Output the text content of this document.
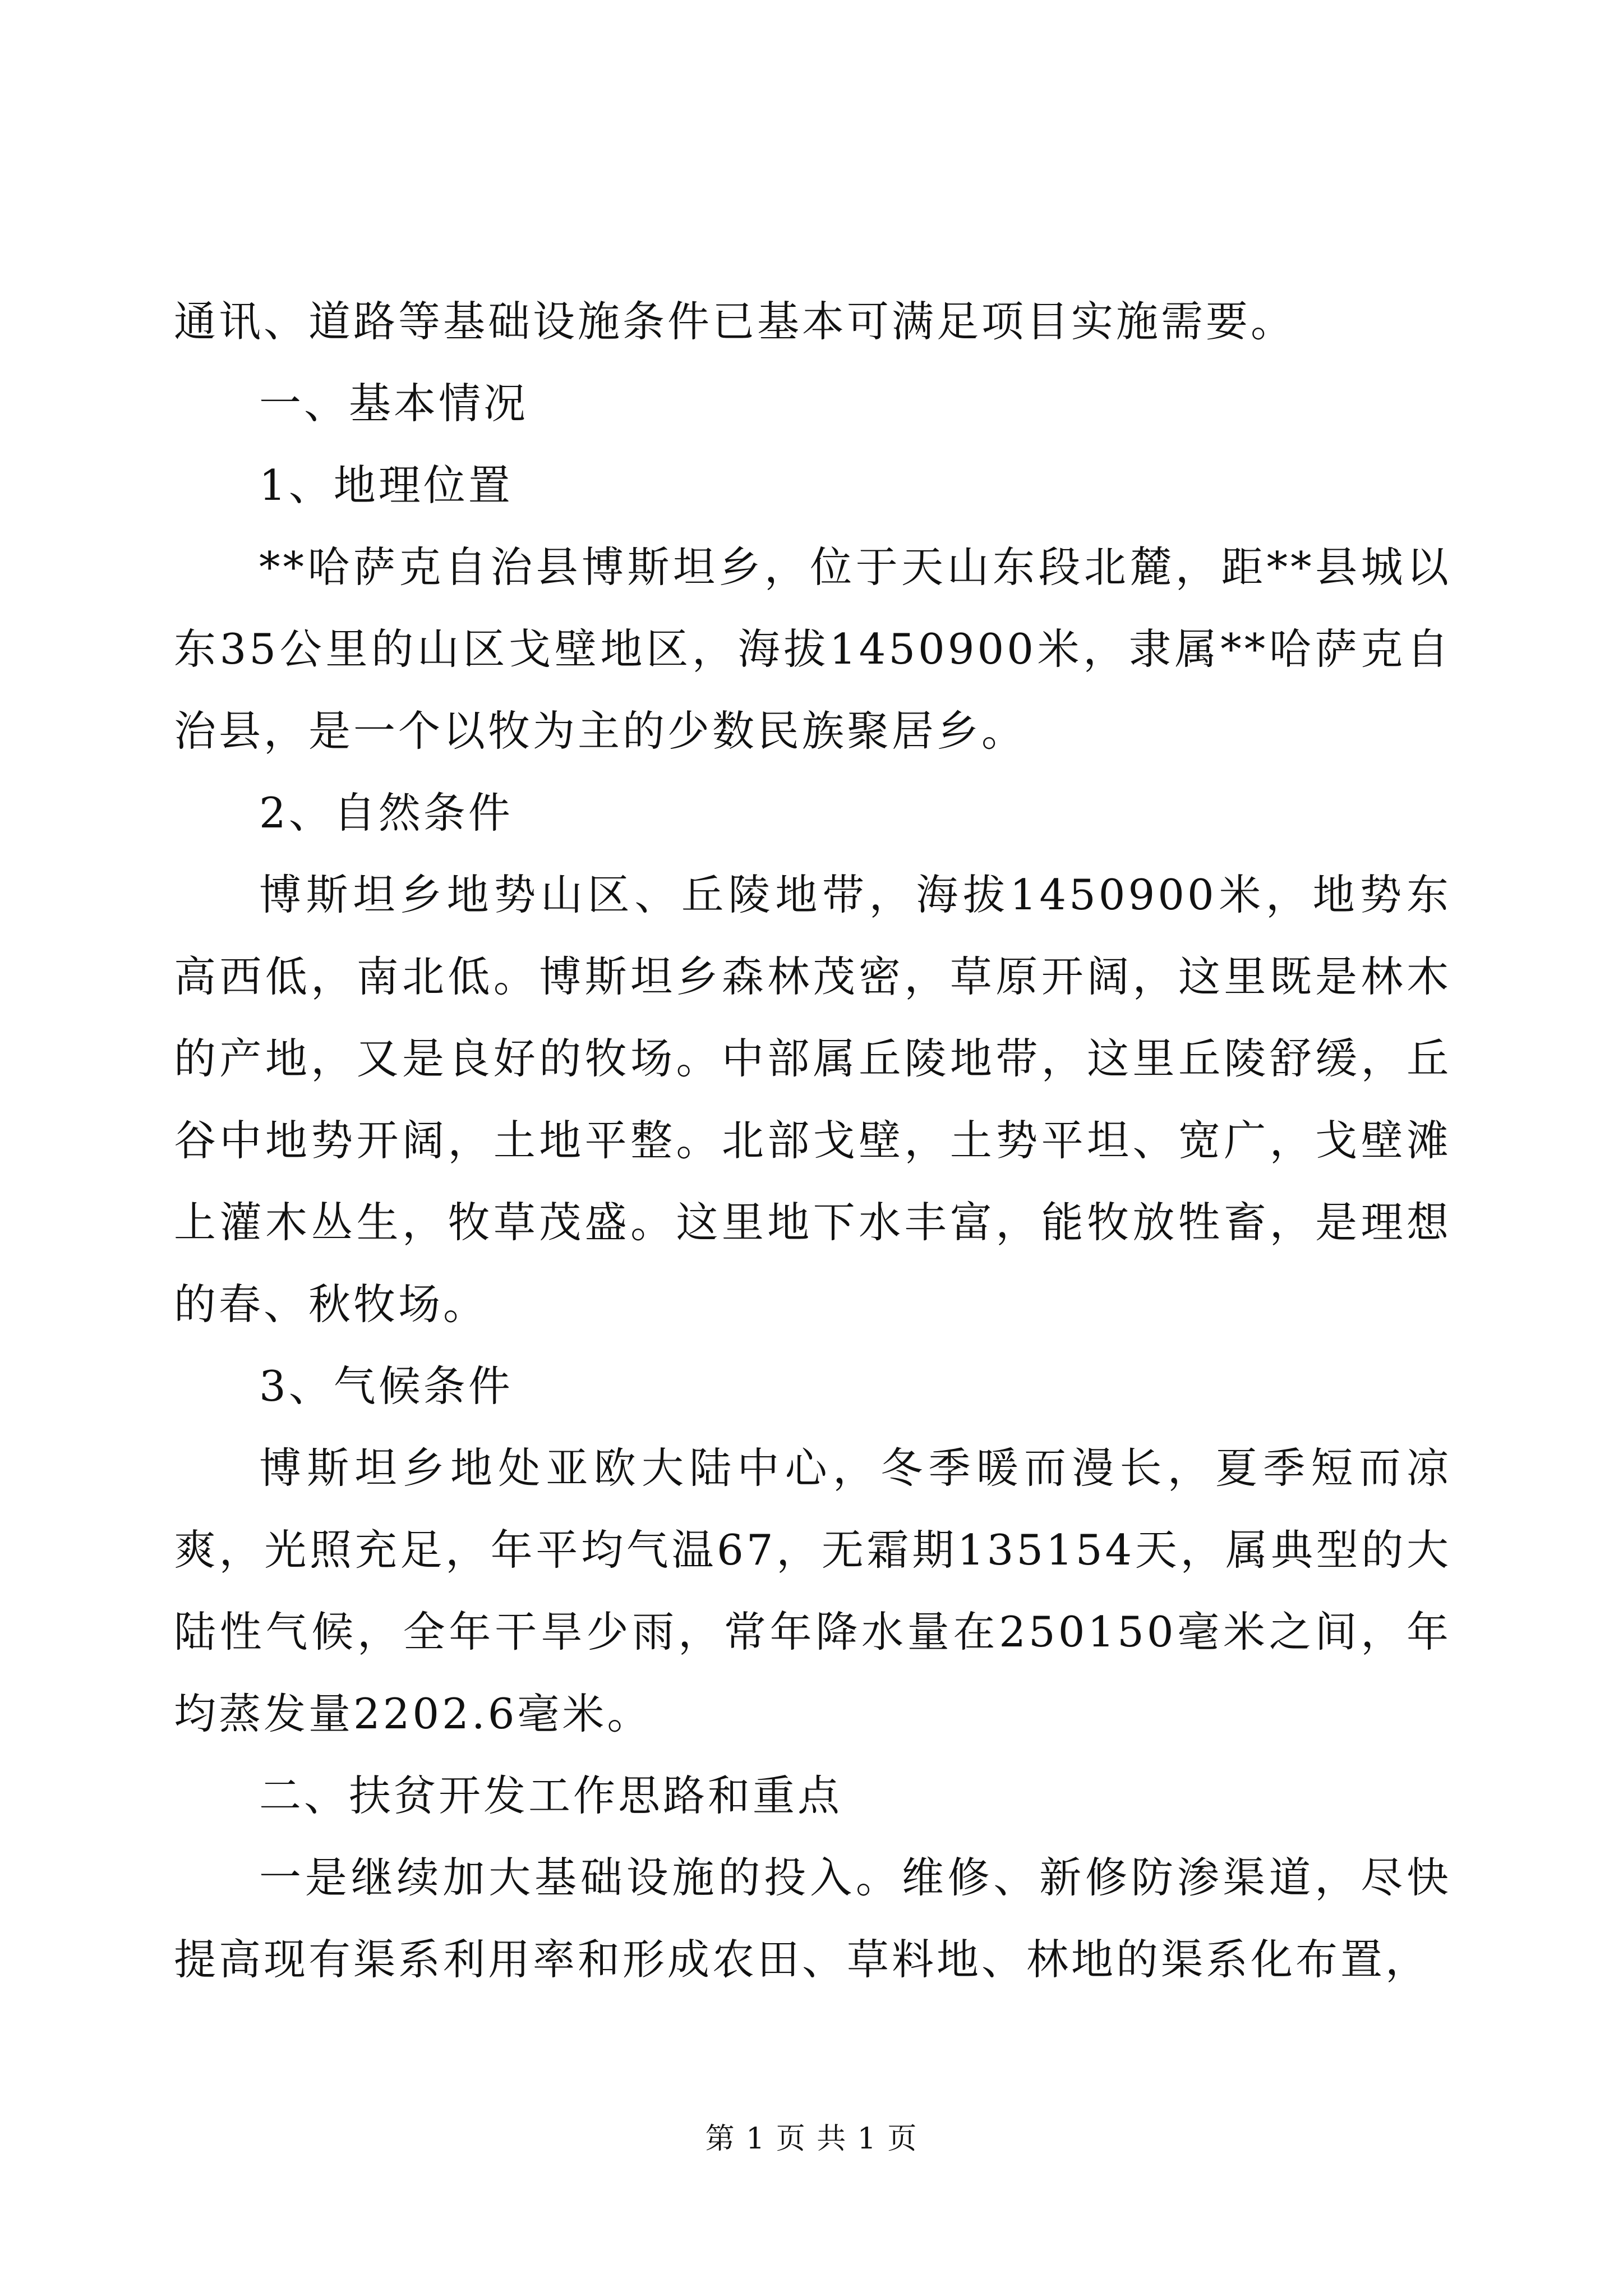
通讯、道路等基础设施条件已基本可满足项目实施需要。

一、基本情况

1、地理位置

**哈萨克自治县博斯坦乡，位于天山东段北麓，距**县城以东35公里的山区戈壁地区，海拔1450900米，隶属**哈萨克自治县，是一个以牧为主的少数民族聚居乡。

2、自然条件

博斯坦乡地势山区、丘陵地带，海拔1450900米，地势东高西低，南北低。博斯坦乡森林茂密，草原开阔，这里既是林木的产地，又是良好的牧场。中部属丘陵地带，这里丘陵舒缓，丘谷中地势开阔，土地平整。北部戈壁，土势平坦、宽广，戈壁滩上灌木丛生，牧草茂盛。这里地下水丰富，能牧放牲畜，是理想的春、秋牧场。

3、气候条件

博斯坦乡地处亚欧大陆中心，冬季暖而漫长，夏季短而凉爽，光照充足，年平均气温67，无霜期135154天，属典型的大陆性气候，全年干旱少雨，常年降水量在250150毫米之间，年均蒸发量2202.6毫米。

二、扶贫开发工作思路和重点

一是继续加大基础设施的投入。维修、新修防渗渠道，尽快提高现有渠系利用率和形成农田、草料地、林地的渠系化布置，

第 1 页 共 1 页
